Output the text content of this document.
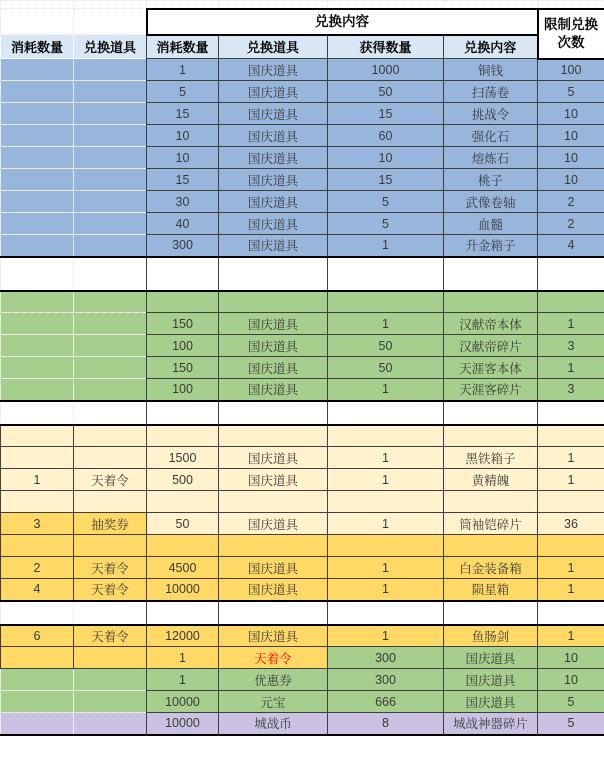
		兑换内容				限制兑换次数
消耗数量	兑换道具	消耗数量	兑换道具	获得数量	兑换内容	
		1	国庆道具	1000	铜钱	100
		5	国庆道具	50	扫荡卷	5
		15	国庆道具	15	挑战令	10
		10	国庆道具	60	强化石	10
		10	国庆道具	10	熔炼石	10
		15	国庆道具	15	桃子	10
		30	国庆道具	5	武像卷轴	2
		40	国庆道具	5	血髓	2
		300	国庆道具	1	升金箱子	4

		150	国庆道具	1	汉献帝本体	1
		100	国庆道具	50	汉献帝碎片	3
		150	国庆道具	50	天涯客本体	1
		100	国庆道具	1	天涯客碎片	3

		1500	国庆道具	1	黑铁箱子	1
1	天着令	500	国庆道具	1	黄精魄	1

3	抽奖券	50	国庆道具	1	筒袖铠碎片	36

2	天着令	4500	国庆道具	1	白金装备箱	1
4	天着令	10000	国庆道具	1	陨星箱	1

6	天着令	12000	国庆道具	1	鱼肠剑	1
		1	天着令	300	国庆道具	10
		1	优惠券	300	国庆道具	10
		10000	元宝	666	国庆道具	5
		10000	城战币	8	城战神器碎片	5
